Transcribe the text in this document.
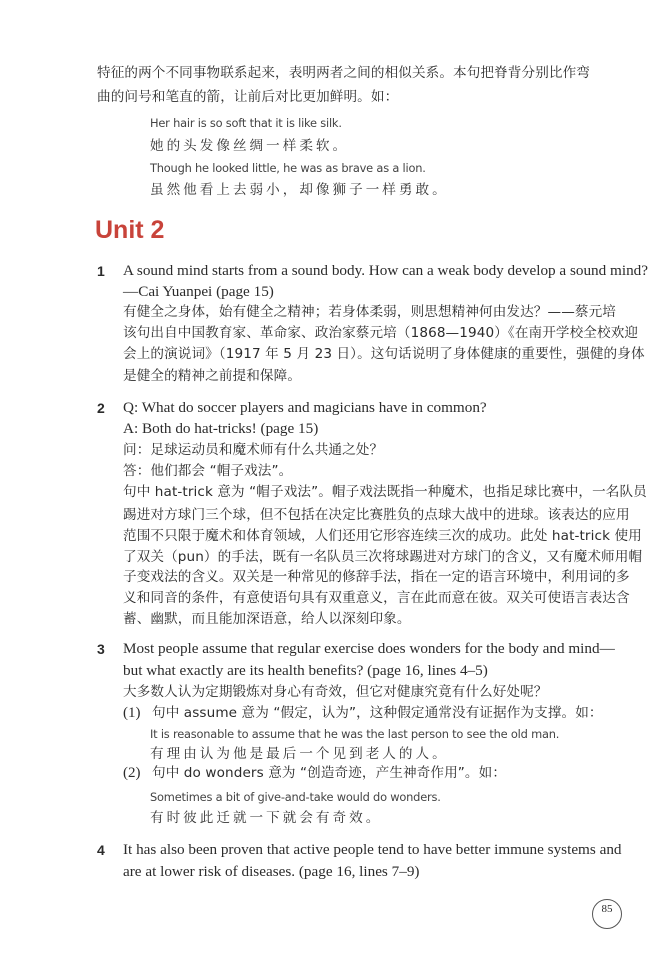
特征的两个不同事物联系起来，表明两者之间的相似关系。本句把脊背分别比作弯
曲的问号和笔直的箭，让前后对比更加鲜明。如：
Her hair is so soft that it is like silk.
她的头发像丝绸一样柔软。
Though he looked little, he was as brave as a lion.
虽然他看上去弱小，却像狮子一样勇敢。
Unit 2
1 A sound mind starts from a sound body. How can a weak body develop a sound mind?
—Cai Yuanpei (page 15)
有健全之身体，始有健全之精神；若身体柔弱，则思想精神何由发达？——蔡元培
该句出自中国教育家、革命家、政治家蔡元培（1868—1940）《在南开学校全校欢迎
会上的演说词》（1917 年 5 月 23 日）。这句话说明了身体健康的重要性，强健的身体
是健全的精神之前提和保障。
2 Q: What do soccer players and magicians have in common?
A: Both do hat-tricks! (page 15)
问：足球运动员和魔术师有什么共通之处？
答：他们都会 “帽子戏法”。
句中 hat-trick 意为 “帽子戏法”。帽子戏法既指一种魔术，也指足球比赛中，一名队员
踢进对方球门三个球，但不包括在决定比赛胜负的点球大战中的进球。该表达的应用
范围不只限于魔术和体育领域，人们还用它形容连续三次的成功。此处 hat-trick 使用
了双关（pun）的手法，既有一名队员三次将球踢进对方球门的含义，又有魔术师用帽
子变戏法的含义。双关是一种常见的修辞手法，指在一定的语言环境中，利用词的多
义和同音的条件，有意使语句具有双重意义，言在此而意在彼。双关可使语言表达含
蓄、幽默，而且能加深语意，给人以深刻印象。
3 Most people assume that regular exercise does wonders for the body and mind—
but what exactly are its health benefits? (page 16, lines 4–5)
大多数人认为定期锻炼对身心有奇效，但它对健康究竟有什么好处呢？
(1) 句中 assume 意为 “假定，认为”，这种假定通常没有证据作为支撑。如：
It is reasonable to assume that he was the last person to see the old man.
有理由认为他是最后一个见到老人的人。
(2) 句中 do wonders 意为 “创造奇迹，产生神奇作用”。如：
Sometimes a bit of give-and-take would do wonders.
有时彼此迁就一下就会有奇效。
4 It has also been proven that active people tend to have better immune systems and
are at lower risk of diseases. (page 16, lines 7–9)
85
